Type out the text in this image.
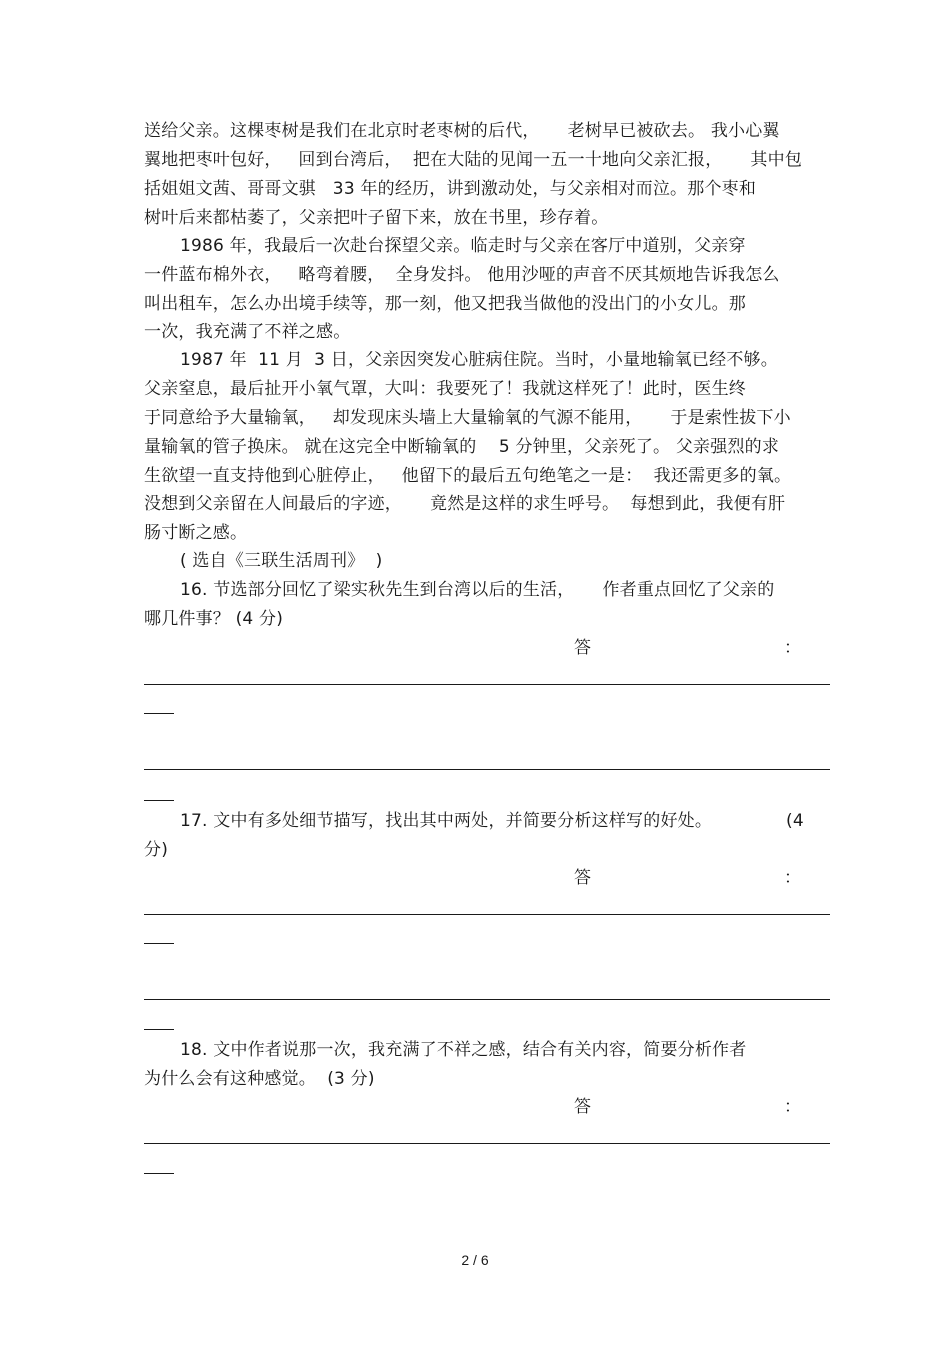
送给父亲。这棵枣树是我们在北京时老枣树的后代，     老树早已被砍去。 我小心翼
翼地把枣叶包好，   回到台湾后，  把在大陆的见闻一五一十地向父亲汇报，     其中包
括姐姐文茜、哥哥文骐   33 年的经历，讲到激动处，与父亲相对而泣。那个枣和
树叶后来都枯萎了，父亲把叶子留下来，放在书里，珍存着。
1986 年，我最后一次赴台探望父亲。临走时与父亲在客厅中道别，父亲穿
一件蓝布棉外衣，   略弯着腰，  全身发抖。 他用沙哑的声音不厌其烦地告诉我怎么
叫出租车，怎么办出境手续等，那一刻，他又把我当做他的没出门的小女儿。那
一次，我充满了不祥之感。
1987 年  11 月  3 日，父亲因突发心脏病住院。当时，小量地输氧已经不够。
父亲窒息，最后扯开小氧气罩，大叫：我要死了！我就这样死了！此时，医生终
于同意给予大量输氧，   却发现床头墙上大量输氧的气源不能用，     于是索性拔下小
量输氧的管子换床。 就在这完全中断输氧的    5 分钟里，父亲死了。 父亲强烈的求
生欲望一直支持他到心脏停止，   他留下的最后五句绝笔之一是：  我还需更多的氧。
没想到父亲留在人间最后的字迹，     竟然是这样的求生呼号。  每想到此，我便有肝
肠寸断之感。
( 选自《三联生活周刊》  )
16. 节选部分回忆了梁实秋先生到台湾以后的生活，     作者重点回忆了父亲的
哪几件事？ (4 分)
答	：
17. 文中有多处细节描写，找出其中两处，并简要分析这样写的好处。	(4
分)
答	：
18. 文中作者说那一次，我充满了不祥之感，结合有关内容，简要分析作者
为什么会有这种感觉。  (3 分)
答	：
2 / 6
